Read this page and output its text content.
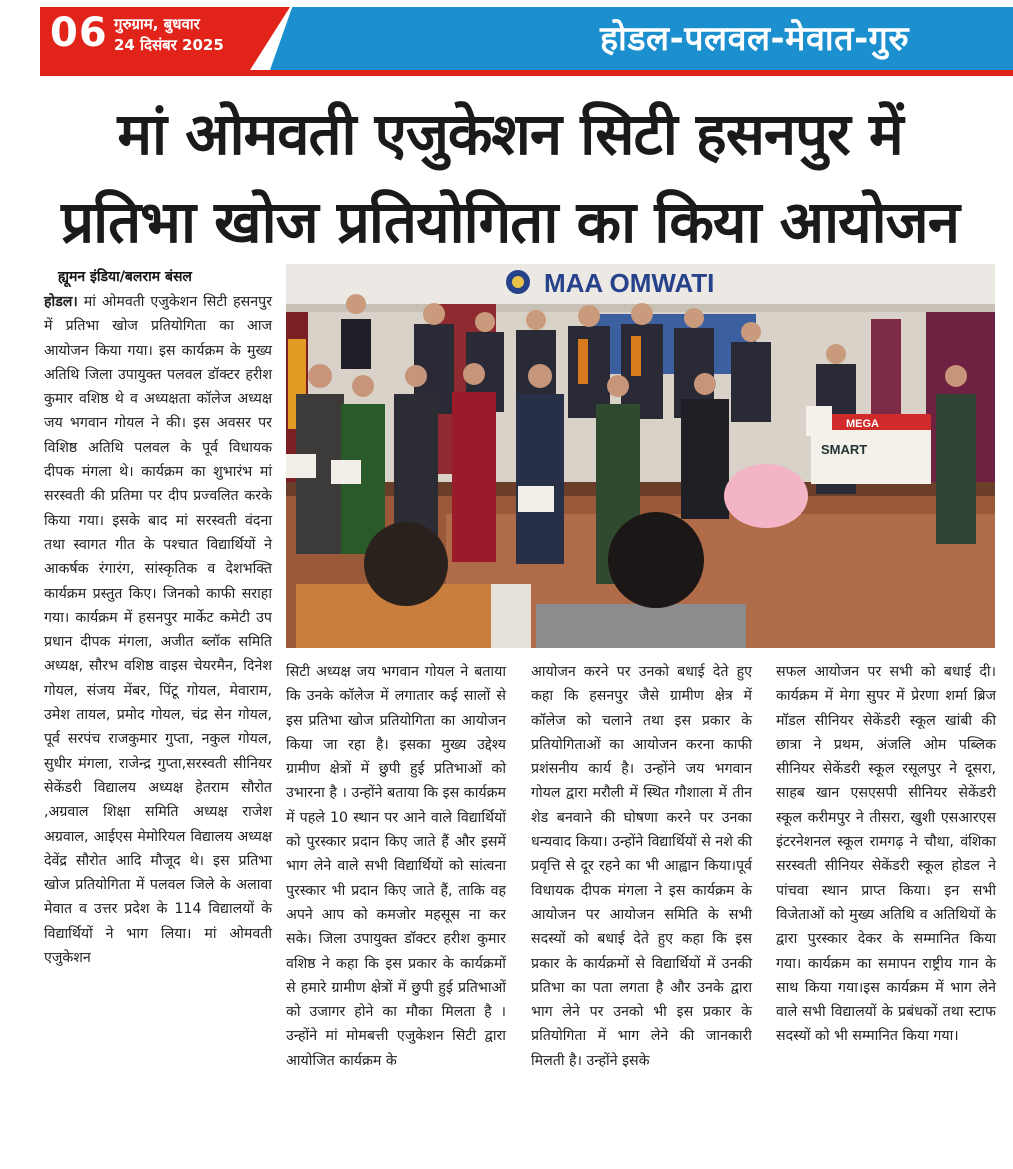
06 गुरुग्राम, बुधवार
24 दिसंबर 2025	होडल-पलवल-मेवात-गुरु
मां ओमवती एजुकेशन सिटी हसनपुर में
प्रतिभा खोज प्रतियोगिता का किया आयोजन
ह्यूमन इंडिया/बलराम बंसल
होडल। मां ओमवती एजुकेशन सिटी हसनपुर में प्रतिभा खोज प्रतियोगिता का आज आयोजन किया गया। इस कार्यक्रम के मुख्य अतिथि जिला उपायुक्त पलवल डॉक्टर हरीश कुमार वशिष्ठ थे व अध्यक्षता कॉलेज अध्यक्ष जय भगवान गोयल ने की। इस अवसर पर विशिष्ठ अतिथि पलवल के पूर्व विधायक दीपक मंगला थे। कार्यक्रम का शुभारंभ मां सरस्वती की प्रतिमा पर दीप प्रज्वलित करके किया गया। इसके बाद मां सरस्वती वंदना तथा स्वागत गीत के पश्चात विद्यार्थियों ने आकर्षक रंगारंग, सांस्कृतिक व देशभक्ति कार्यक्रम प्रस्तुत किए। जिनको काफी सराहा गया। कार्यक्रम में हसनपुर मार्केट कमेटी उप प्रधान दीपक मंगला, अजीत ब्लॉक समिति अध्यक्ष, सौरभ वशिष्ठ वाइस चेयरमैन, दिनेश गोयल, संजय मेंबर, पिंटू गोयल, मेवाराम, उमेश तायल, प्रमोद गोयल, चंद्र सेन गोयल, पूर्व सरपंच राजकुमार गुप्ता, नकुल गोयल, सुधीर मंगला, राजेन्द्र गुप्ता,सरस्वती सीनियर सेकेंडरी विद्यालय अध्यक्ष हेतराम सौरोत ,अग्रवाल शिक्षा समिति अध्यक्ष राजेश अग्रवाल, आईएस मेमोरियल विद्यालय अध्यक्ष देवेंद्र सौरोत आदि मौजूद थे। इस प्रतिभा खोज प्रतियोगिता में पलवल जिले के अलावा मेवात व उत्तर प्रदेश के 114 विद्यालयों के विद्यार्थियों ने भाग लिया। मां ओमवती एजुकेशन
MAA OMWATI
MEGA
SMART
सिटी अध्यक्ष जय भगवान गोयल ने बताया कि उनके कॉलेज में लगातार कई सालों से इस प्रतिभा खोज प्रतियोगिता का आयोजन किया जा रहा है। इसका मुख्य उद्देश्य ग्रामीण क्षेत्रों में छुपी हुई प्रतिभाओं को उभारना है । उन्होंने बताया कि इस कार्यक्रम में पहले 10 स्थान पर आने वाले विद्यार्थियों को पुरस्कार प्रदान किए जाते हैं और इसमें भाग लेने वाले सभी विद्यार्थियों को सांत्वना पुरस्कार भी प्रदान किए जाते हैं, ताकि वह अपने आप को कमजोर महसूस ना कर सके। जिला उपायुक्त डॉक्टर हरीश कुमार वशिष्ठ ने कहा कि इस प्रकार के कार्यक्रमों से हमारे ग्रामीण क्षेत्रों में छुपी हुई प्रतिभाओं को उजागर होने का मौका मिलता है । उन्होंने मां मोमबत्ती एजुकेशन सिटी द्वारा आयोजित कार्यक्रम के
आयोजन करने पर उनको बधाई देते हुए कहा कि हसनपुर जैसे ग्रामीण क्षेत्र में कॉलेज को चलाने तथा इस प्रकार के प्रतियोगिताओं का आयोजन करना काफी प्रशंसनीय कार्य है। उन्होंने जय भगवान गोयल द्वारा मरौली में स्थित गौशाला में तीन शेड बनवाने की घोषणा करने पर उनका धन्यवाद किया। उन्होंने विद्यार्थियों से नशे की प्रवृत्ति से दूर रहने का भी आह्वान किया।पूर्व विधायक दीपक मंगला ने इस कार्यक्रम के आयोजन पर आयोजन समिति के सभी सदस्यों को बधाई देते हुए कहा कि इस प्रकार के कार्यक्रमों से विद्यार्थियों में उनकी प्रतिभा का पता लगता है और उनके द्वारा भाग लेने पर उनको भी इस प्रकार के प्रतियोगिता में भाग लेने की जानकारी मिलती है। उन्होंने इसके
सफल आयोजन पर सभी को बधाई दी। कार्यक्रम में मेगा सुपर में प्रेरणा शर्मा ब्रिज मॉडल सीनियर सेकेंडरी स्कूल खांबी की छात्रा ने प्रथम, अंजलि ओम पब्लिक सीनियर सेकेंडरी स्कूल रसूलपुर ने दूसरा, साहब खान एसएसपी सीनियर सेकेंडरी स्कूल करीमपुर ने तीसरा, खुशी एसआरएस इंटरनेशनल स्कूल रामगढ़ ने चौथा, वंशिका सरस्वती सीनियर सेकेंडरी स्कूल होडल ने पांचवा स्थान प्राप्त किया। इन सभी विजेताओं को मुख्य अतिथि व अतिथियों के द्वारा पुरस्कार देकर के सम्मानित किया गया। कार्यक्रम का समापन राष्ट्रीय गान के साथ किया गया।इस कार्यक्रम में भाग लेने वाले सभी विद्यालयों के प्रबंधकों तथा स्टाफ सदस्यों को भी सम्मानित किया गया।
